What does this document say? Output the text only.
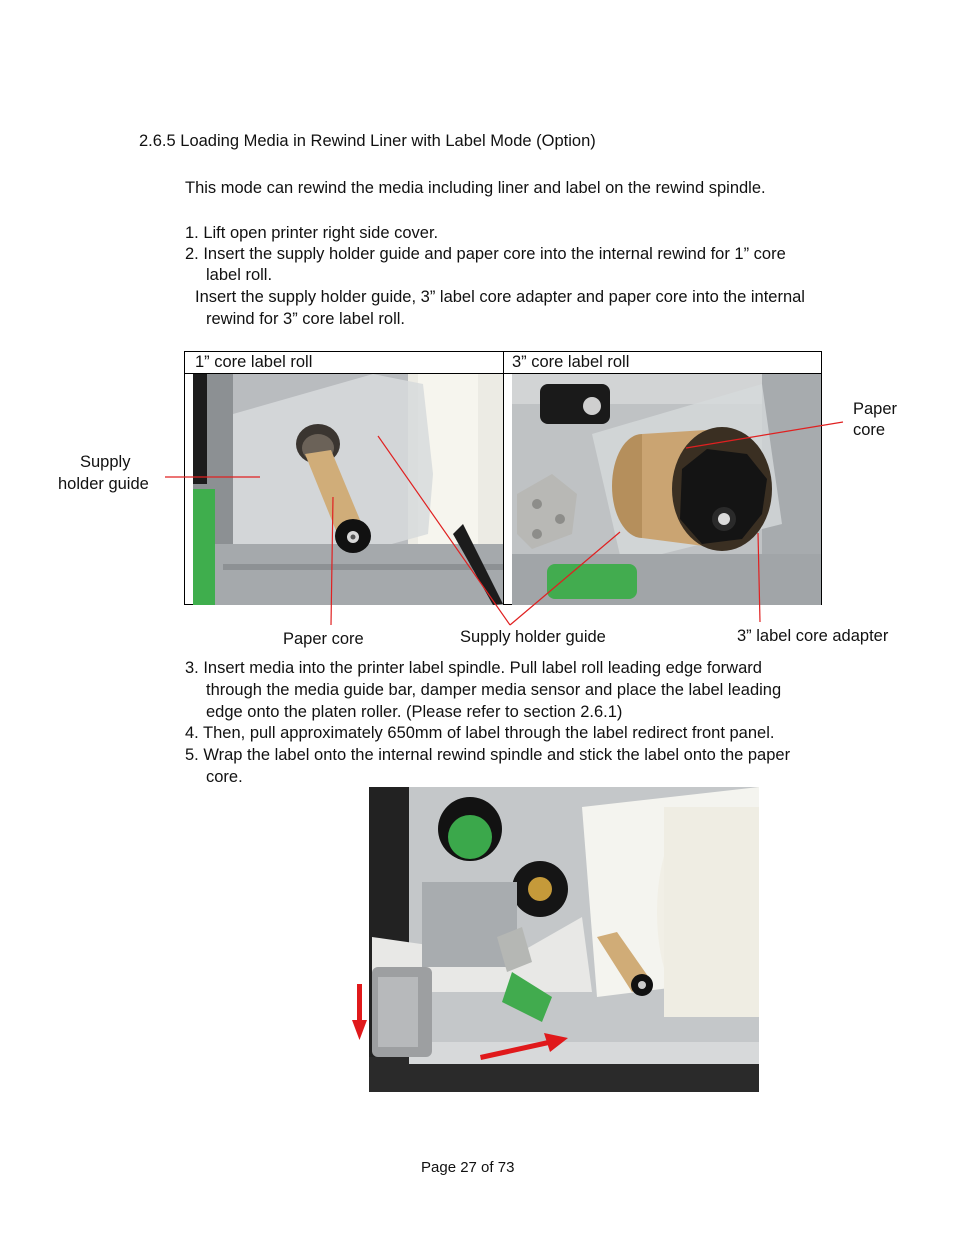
2.6.5 Loading Media in Rewind Liner with Label Mode (Option)
This mode can rewind the media including liner and label on the rewind spindle.
1. Lift open printer right side cover.
2. Insert the supply holder guide and paper core into the internal rewind for 1” core
label roll.
Insert the supply holder guide, 3” label core adapter and paper core into the internal
rewind for 3” core label roll.
1” core label roll	3” core label roll
Supply
holder guide
Paper
core
Paper core	Supply holder guide	3” label core adapter
3. Insert media into the printer label spindle. Pull label roll leading edge forward
through the media guide bar, damper media sensor and place the label leading
edge onto the platen roller. (Please refer to section 2.6.1)
4. Then, pull approximately 650mm of label through the label redirect front panel.
5. Wrap the label onto the internal rewind spindle and stick the label onto the paper
core.
Page 27 of 73
